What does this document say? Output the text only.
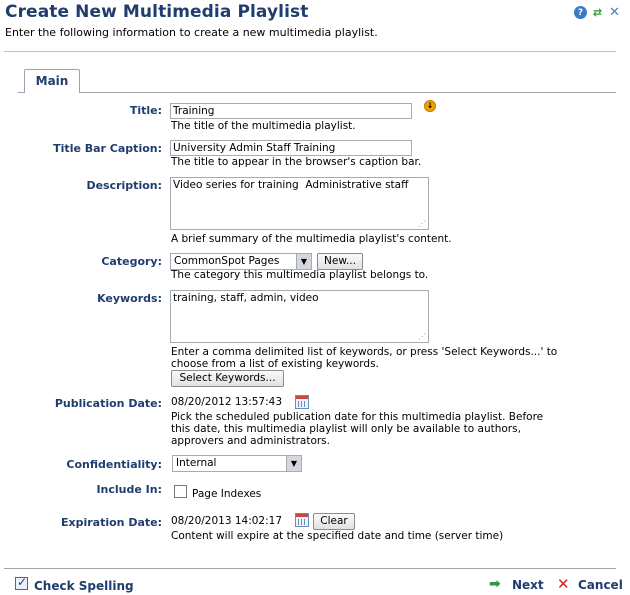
Create New Multimedia Playlist
Enter the following information to create a new multimedia playlist.
? ⇄ ✕
Main
Title:
Training	↓
The title of the multimedia playlist.
Title Bar Caption:
University Admin Staff Training
The title to appear in the browser's caption bar.
Description:
Video series for training Administrative staff
⋰
A brief summary of the multimedia playlist's content.
Category:	CommonSpot Pages	▼	New...
The category this multimedia playlist belongs to.
Keywords:
training, staff, admin, video
⋰
Enter a comma delimited list of keywords, or press 'Select Keywords...' to
choose from a list of existing keywords.
Select Keywords...
Publication Date: 08/20/2012 13:57:43
Pick the scheduled publication date for this multimedia playlist. Before
this date, this multimedia playlist will only be available to authors,
approvers and administrators.
Confidentiality:	Internal	▼
Include In:	Page Indexes
Expiration Date: 08/20/2013 14:02:17	Clear
Content will expire at the specified date and time (server time)
✓
Check Spelling	➡ Next ✕ Cancel
